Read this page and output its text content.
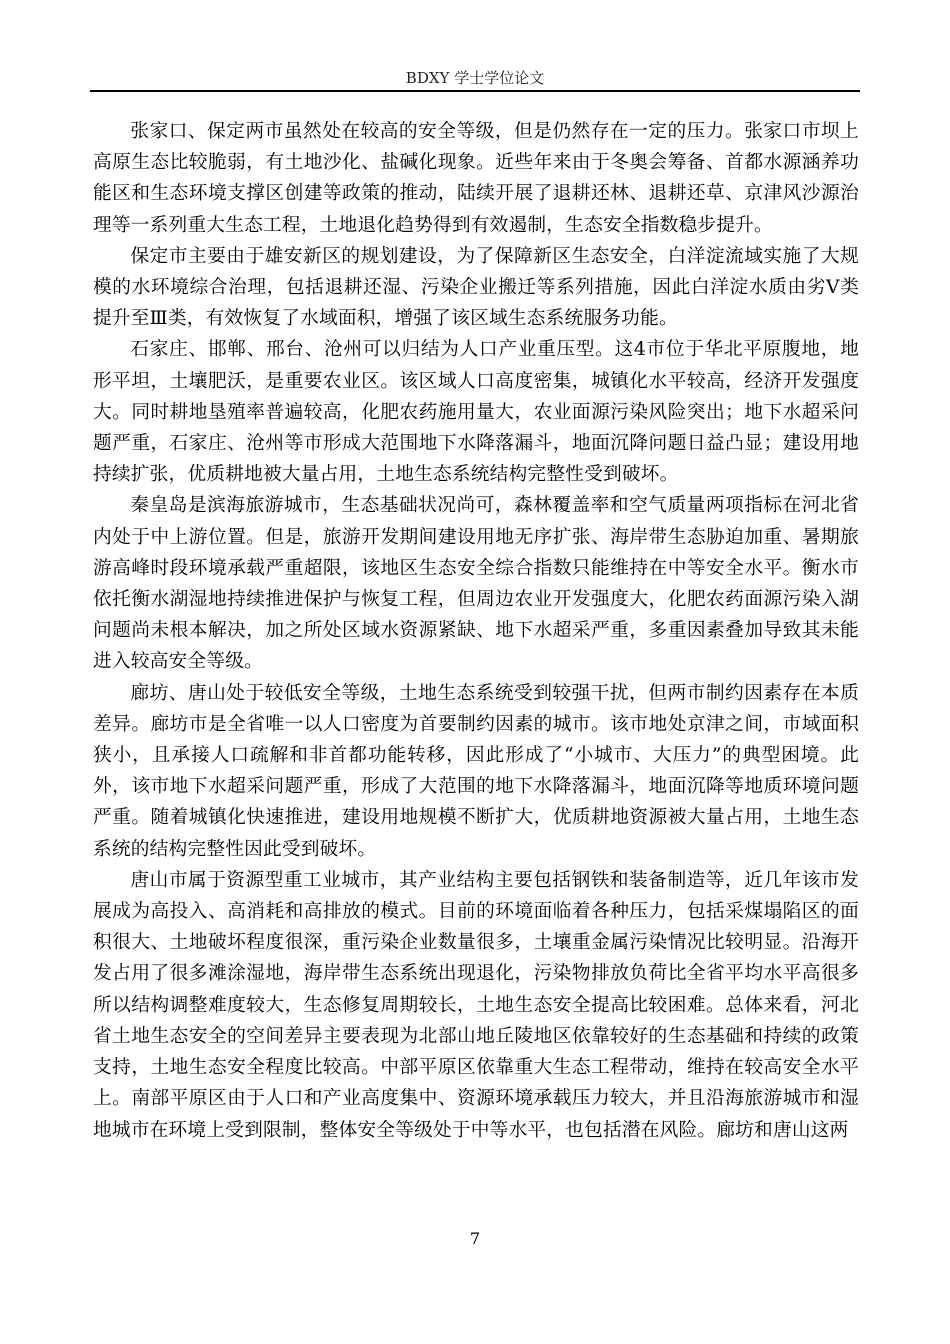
BDXY 学士学位论文

张家口、保定两市虽然处在较高的安全等级，但是仍然存在一定的压力。张家口市坝上高原生态比较脆弱，有土地沙化、盐碱化现象。近些年来由于冬奥会筹备、首都水源涵养功能区和生态环境支撑区创建等政策的推动，陆续开展了退耕还林、退耕还草、京津风沙源治理等一系列重大生态工程，土地退化趋势得到有效遏制，生态安全指数稳步提升。

保定市主要由于雄安新区的规划建设，为了保障新区生态安全，白洋淀流域实施了大规模的水环境综合治理，包括退耕还湿、污染企业搬迁等系列措施，因此白洋淀水质由劣Ⅴ类提升至Ⅲ类，有效恢复了水域面积，增强了该区域生态系统服务功能。

石家庄、邯郸、邢台、沧州可以归结为人口产业重压型。这4市位于华北平原腹地，地形平坦，土壤肥沃，是重要农业区。该区域人口高度密集，城镇化水平较高，经济开发强度大。同时耕地垦殖率普遍较高，化肥农药施用量大，农业面源污染风险突出；地下水超采问题严重，石家庄、沧州等市形成大范围地下水降落漏斗，地面沉降问题日益凸显；建设用地持续扩张，优质耕地被大量占用，土地生态系统结构完整性受到破坏。

秦皇岛是滨海旅游城市，生态基础状况尚可，森林覆盖率和空气质量两项指标在河北省内处于中上游位置。但是，旅游开发期间建设用地无序扩张、海岸带生态胁迫加重、暑期旅游高峰时段环境承载严重超限，该地区生态安全综合指数只能维持在中等安全水平。衡水市依托衡水湖湿地持续推进保护与恢复工程，但周边农业开发强度大，化肥农药面源污染入湖问题尚未根本解决，加之所处区域水资源紧缺、地下水超采严重，多重因素叠加导致其未能进入较高安全等级。

廊坊、唐山处于较低安全等级，土地生态系统受到较强干扰，但两市制约因素存在本质差异。廊坊市是全省唯一以人口密度为首要制约因素的城市。该市地处京津之间，市域面积狭小，且承接人口疏解和非首都功能转移，因此形成了“小城市、大压力”的典型困境。此外，该市地下水超采问题严重，形成了大范围的地下水降落漏斗，地面沉降等地质环境问题严重。随着城镇化快速推进，建设用地规模不断扩大，优质耕地资源被大量占用，土地生态系统的结构完整性因此受到破坏。

唐山市属于资源型重工业城市，其产业结构主要包括钢铁和装备制造等，近几年该市发展成为高投入、高消耗和高排放的模式。目前的环境面临着各种压力，包括采煤塌陷区的面积很大、土地破坏程度很深，重污染企业数量很多，土壤重金属污染情况比较明显。沿海开发占用了很多滩涂湿地，海岸带生态系统出现退化，污染物排放负荷比全省平均水平高很多所以结构调整难度较大，生态修复周期较长，土地生态安全提高比较困难。总体来看，河北省土地生态安全的空间差异主要表现为北部山地丘陵地区依靠较好的生态基础和持续的政策支持，土地生态安全程度比较高。中部平原区依靠重大生态工程带动，维持在较高安全水平上。南部平原区由于人口和产业高度集中、资源环境承载压力较大，并且沿海旅游城市和湿地城市在环境上受到限制，整体安全等级处于中等水平，也包括潜在风险。廊坊和唐山这两

7
